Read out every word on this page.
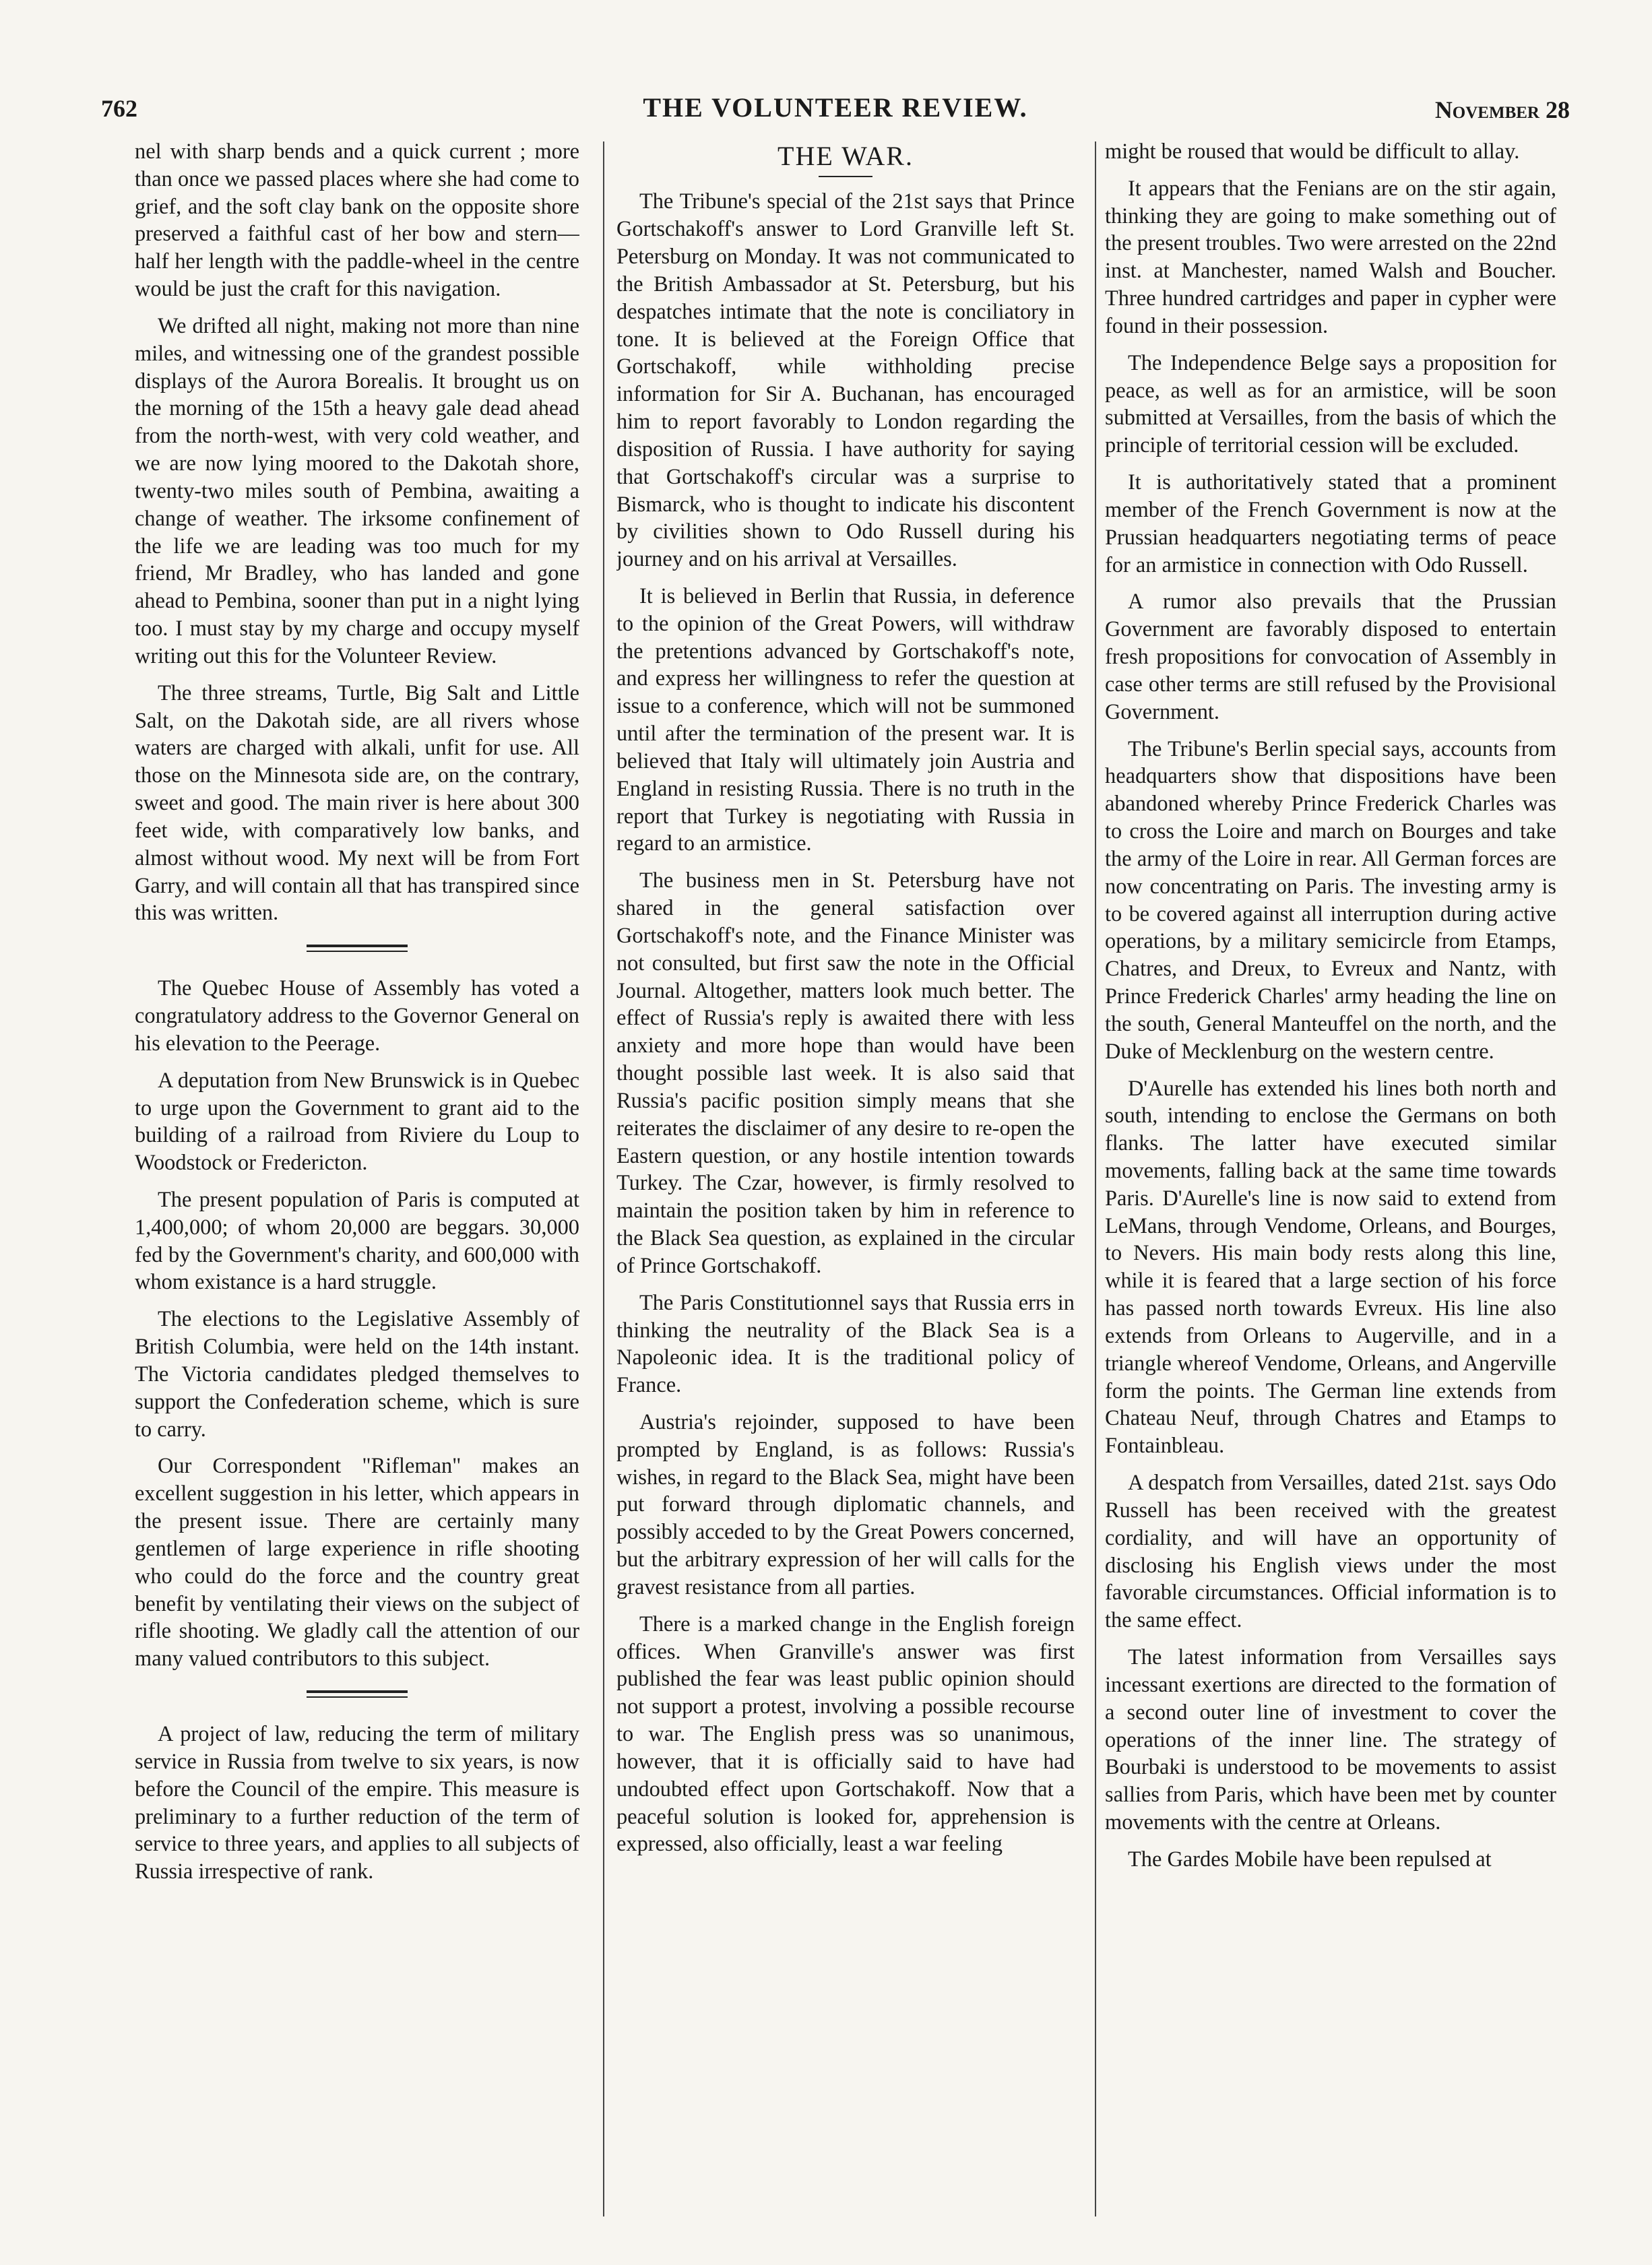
762	THE VOLUNTEER REVIEW.	November 28

nel with sharp bends and a quick current ; more than once we passed places where she had come to grief, and the soft clay bank on the opposite shore preserved a faithful cast of her bow and stern—half her length with the paddle-wheel in the centre would be just the craft for this navigation.

We drifted all night, making not more than nine miles, and witnessing one of the grandest possible displays of the Aurora Borealis. It brought us on the morning of the 15th a heavy gale dead ahead from the north-west, with very cold weather, and we are now lying moored to the Dakotah shore, twenty-two miles south of Pembina, awaiting a change of weather. The irksome confinement of the life we are leading was too much for my friend, Mr Bradley, who has landed and gone ahead to Pembina, sooner than put in a night lying too. I must stay by my charge and occupy myself writing out this for the Volunteer Review.

The three streams, Turtle, Big Salt and Little Salt, on the Dakotah side, are all rivers whose waters are charged with alkali, unfit for use. All those on the Minnesota side are, on the contrary, sweet and good. The main river is here about 300 feet wide, with comparatively low banks, and almost without wood. My next will be from Fort Garry, and will contain all that has transpired since this was written.

The Quebec House of Assembly has voted a congratulatory address to the Governor General on his elevation to the Peerage.

A deputation from New Brunswick is in Quebec to urge upon the Government to grant aid to the building of a railroad from Riviere du Loup to Woodstock or Fredericton.

The present population of Paris is computed at 1,400,000; of whom 20,000 are beggars. 30,000 fed by the Government's charity, and 600,000 with whom existance is a hard struggle.

The elections to the Legislative Assembly of British Columbia, were held on the 14th instant. The Victoria candidates pledged themselves to support the Confederation scheme, which is sure to carry.

Our Correspondent "Rifleman" makes an excellent suggestion in his letter, which appears in the present issue. There are certainly many gentlemen of large experience in rifle shooting who could do the force and the country great benefit by ventilating their views on the subject of rifle shooting. We gladly call the attention of our many valued contributors to this subject.

A project of law, reducing the term of military service in Russia from twelve to six years, is now before the Council of the empire. This measure is preliminary to a further reduction of the term of service to three years, and applies to all subjects of Russia irrespective of rank.

THE WAR.

The Tribune's special of the 21st says that Prince Gortschakoff's answer to Lord Granville left St. Petersburg on Monday. It was not communicated to the British Ambassador at St. Petersburg, but his despatches intimate that the note is conciliatory in tone. It is believed at the Foreign Office that Gortschakoff, while withholding precise information for Sir A. Buchanan, has encouraged him to report favorably to London regarding the disposition of Russia. I have authority for saying that Gortschakoff's circular was a surprise to Bismarck, who is thought to indicate his discontent by civilities shown to Odo Russell during his journey and on his arrival at Versailles.

It is believed in Berlin that Russia, in deference to the opinion of the Great Powers, will withdraw the pretentions advanced by Gortschakoff's note, and express her willingness to refer the question at issue to a conference, which will not be summoned until after the termination of the present war. It is believed that Italy will ultimately join Austria and England in resisting Russia. There is no truth in the report that Turkey is negotiating with Russia in regard to an armistice.

The business men in St. Petersburg have not shared in the general satisfaction over Gortschakoff's note, and the Finance Minister was not consulted, but first saw the note in the Official Journal. Altogether, matters look much better. The effect of Russia's reply is awaited there with less anxiety and more hope than would have been thought possible last week. It is also said that Russia's pacific position simply means that she reiterates the disclaimer of any desire to re-open the Eastern question, or any hostile intention towards Turkey. The Czar, however, is firmly resolved to maintain the position taken by him in reference to the Black Sea question, as explained in the circular of Prince Gortschakoff.

The Paris Constitutionnel says that Russia errs in thinking the neutrality of the Black Sea is a Napoleonic idea. It is the traditional policy of France.

Austria's rejoinder, supposed to have been prompted by England, is as follows: Russia's wishes, in regard to the Black Sea, might have been put forward through diplomatic channels, and possibly acceded to by the Great Powers concerned, but the arbitrary expression of her will calls for the gravest resistance from all parties.

There is a marked change in the English foreign offices. When Granville's answer was first published the fear was least public opinion should not support a protest, involving a possible recourse to war. The English press was so unanimous, however, that it is officially said to have had undoubted effect upon Gortschakoff. Now that a peaceful solution is looked for, apprehension is expressed, also officially, least a war feeling

might be roused that would be difficult to allay.

It appears that the Fenians are on the stir again, thinking they are going to make something out of the present troubles. Two were arrested on the 22nd inst. at Manchester, named Walsh and Boucher. Three hundred cartridges and paper in cypher were found in their possession.

The Independence Belge says a proposition for peace, as well as for an armistice, will be soon submitted at Versailles, from the basis of which the principle of territorial cession will be excluded.

It is authoritatively stated that a prominent member of the French Government is now at the Prussian headquarters negotiating terms of peace for an armistice in connection with Odo Russell.

A rumor also prevails that the Prussian Government are favorably disposed to entertain fresh propositions for convocation of Assembly in case other terms are still refused by the Provisional Government.

The Tribune's Berlin special says, accounts from headquarters show that dispositions have been abandoned whereby Prince Frederick Charles was to cross the Loire and march on Bourges and take the army of the Loire in rear. All German forces are now concentrating on Paris. The investing army is to be covered against all interruption during active operations, by a military semicircle from Etamps, Chatres, and Dreux, to Evreux and Nantz, with Prince Frederick Charles' army heading the line on the south, General Manteuffel on the north, and the Duke of Mecklenburg on the western centre.

D'Aurelle has extended his lines both north and south, intending to enclose the Germans on both flanks. The latter have executed similar movements, falling back at the same time towards Paris. D'Aurelle's line is now said to extend from LeMans, through Vendome, Orleans, and Bourges, to Nevers. His main body rests along this line, while it is feared that a large section of his force has passed north towards Evreux. His line also extends from Orleans to Augerville, and in a triangle whereof Vendome, Orleans, and Angerville form the points. The German line extends from Chateau Neuf, through Chatres and Etamps to Fontainbleau.

A despatch from Versailles, dated 21st. says Odo Russell has been received with the greatest cordiality, and will have an opportunity of disclosing his English views under the most favorable circumstances. Official information is to the same effect.

The latest information from Versailles says incessant exertions are directed to the formation of a second outer line of investment to cover the operations of the inner line. The strategy of Bourbaki is understood to be movements to assist sallies from Paris, which have been met by counter movements with the centre at Orleans.

The Gardes Mobile have been repulsed at
